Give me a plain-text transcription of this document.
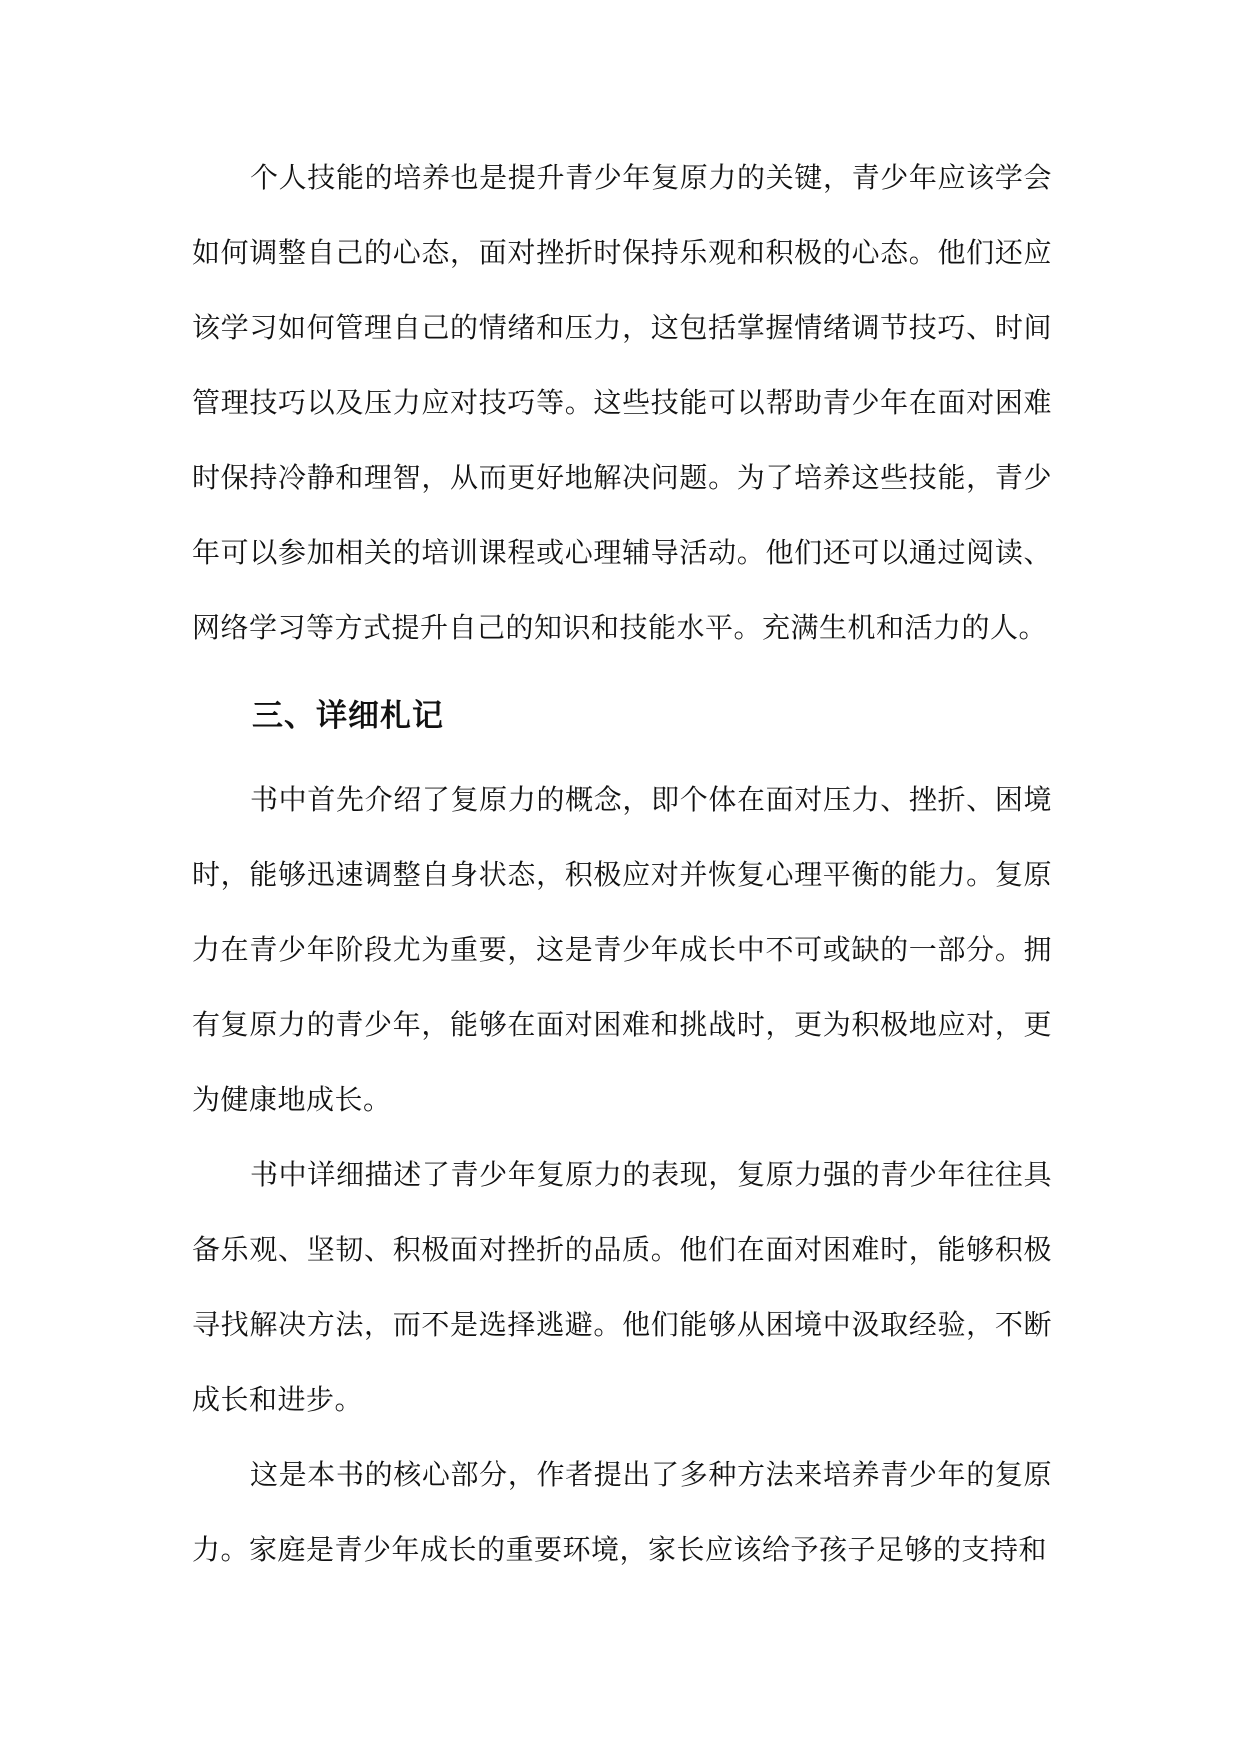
个人技能的培养也是提升青少年复原力的关键，青少年应该学会如何调整自己的心态，面对挫折时保持乐观和积极的心态。他们还应该学习如何管理自己的情绪和压力，这包括掌握情绪调节技巧、时间管理技巧以及压力应对技巧等。这些技能可以帮助青少年在面对困难时保持冷静和理智，从而更好地解决问题。为了培养这些技能，青少年可以参加相关的培训课程或心理辅导活动。他们还可以通过阅读、网络学习等方式提升自己的知识和技能水平。充满生机和活力的人。

三、详细札记

书中首先介绍了复原力的概念，即个体在面对压力、挫折、困境时，能够迅速调整自身状态，积极应对并恢复心理平衡的能力。复原力在青少年阶段尤为重要，这是青少年成长中不可或缺的一部分。拥有复原力的青少年，能够在面对困难和挑战时，更为积极地应对，更为健康地成长。

书中详细描述了青少年复原力的表现，复原力强的青少年往往具备乐观、坚韧、积极面对挫折的品质。他们在面对困难时，能够积极寻找解决方法，而不是选择逃避。他们能够从困境中汲取经验，不断成长和进步。

这是本书的核心部分，作者提出了多种方法来培养青少年的复原力。家庭是青少年成长的重要环境，家长应该给予孩子足够的支持和
